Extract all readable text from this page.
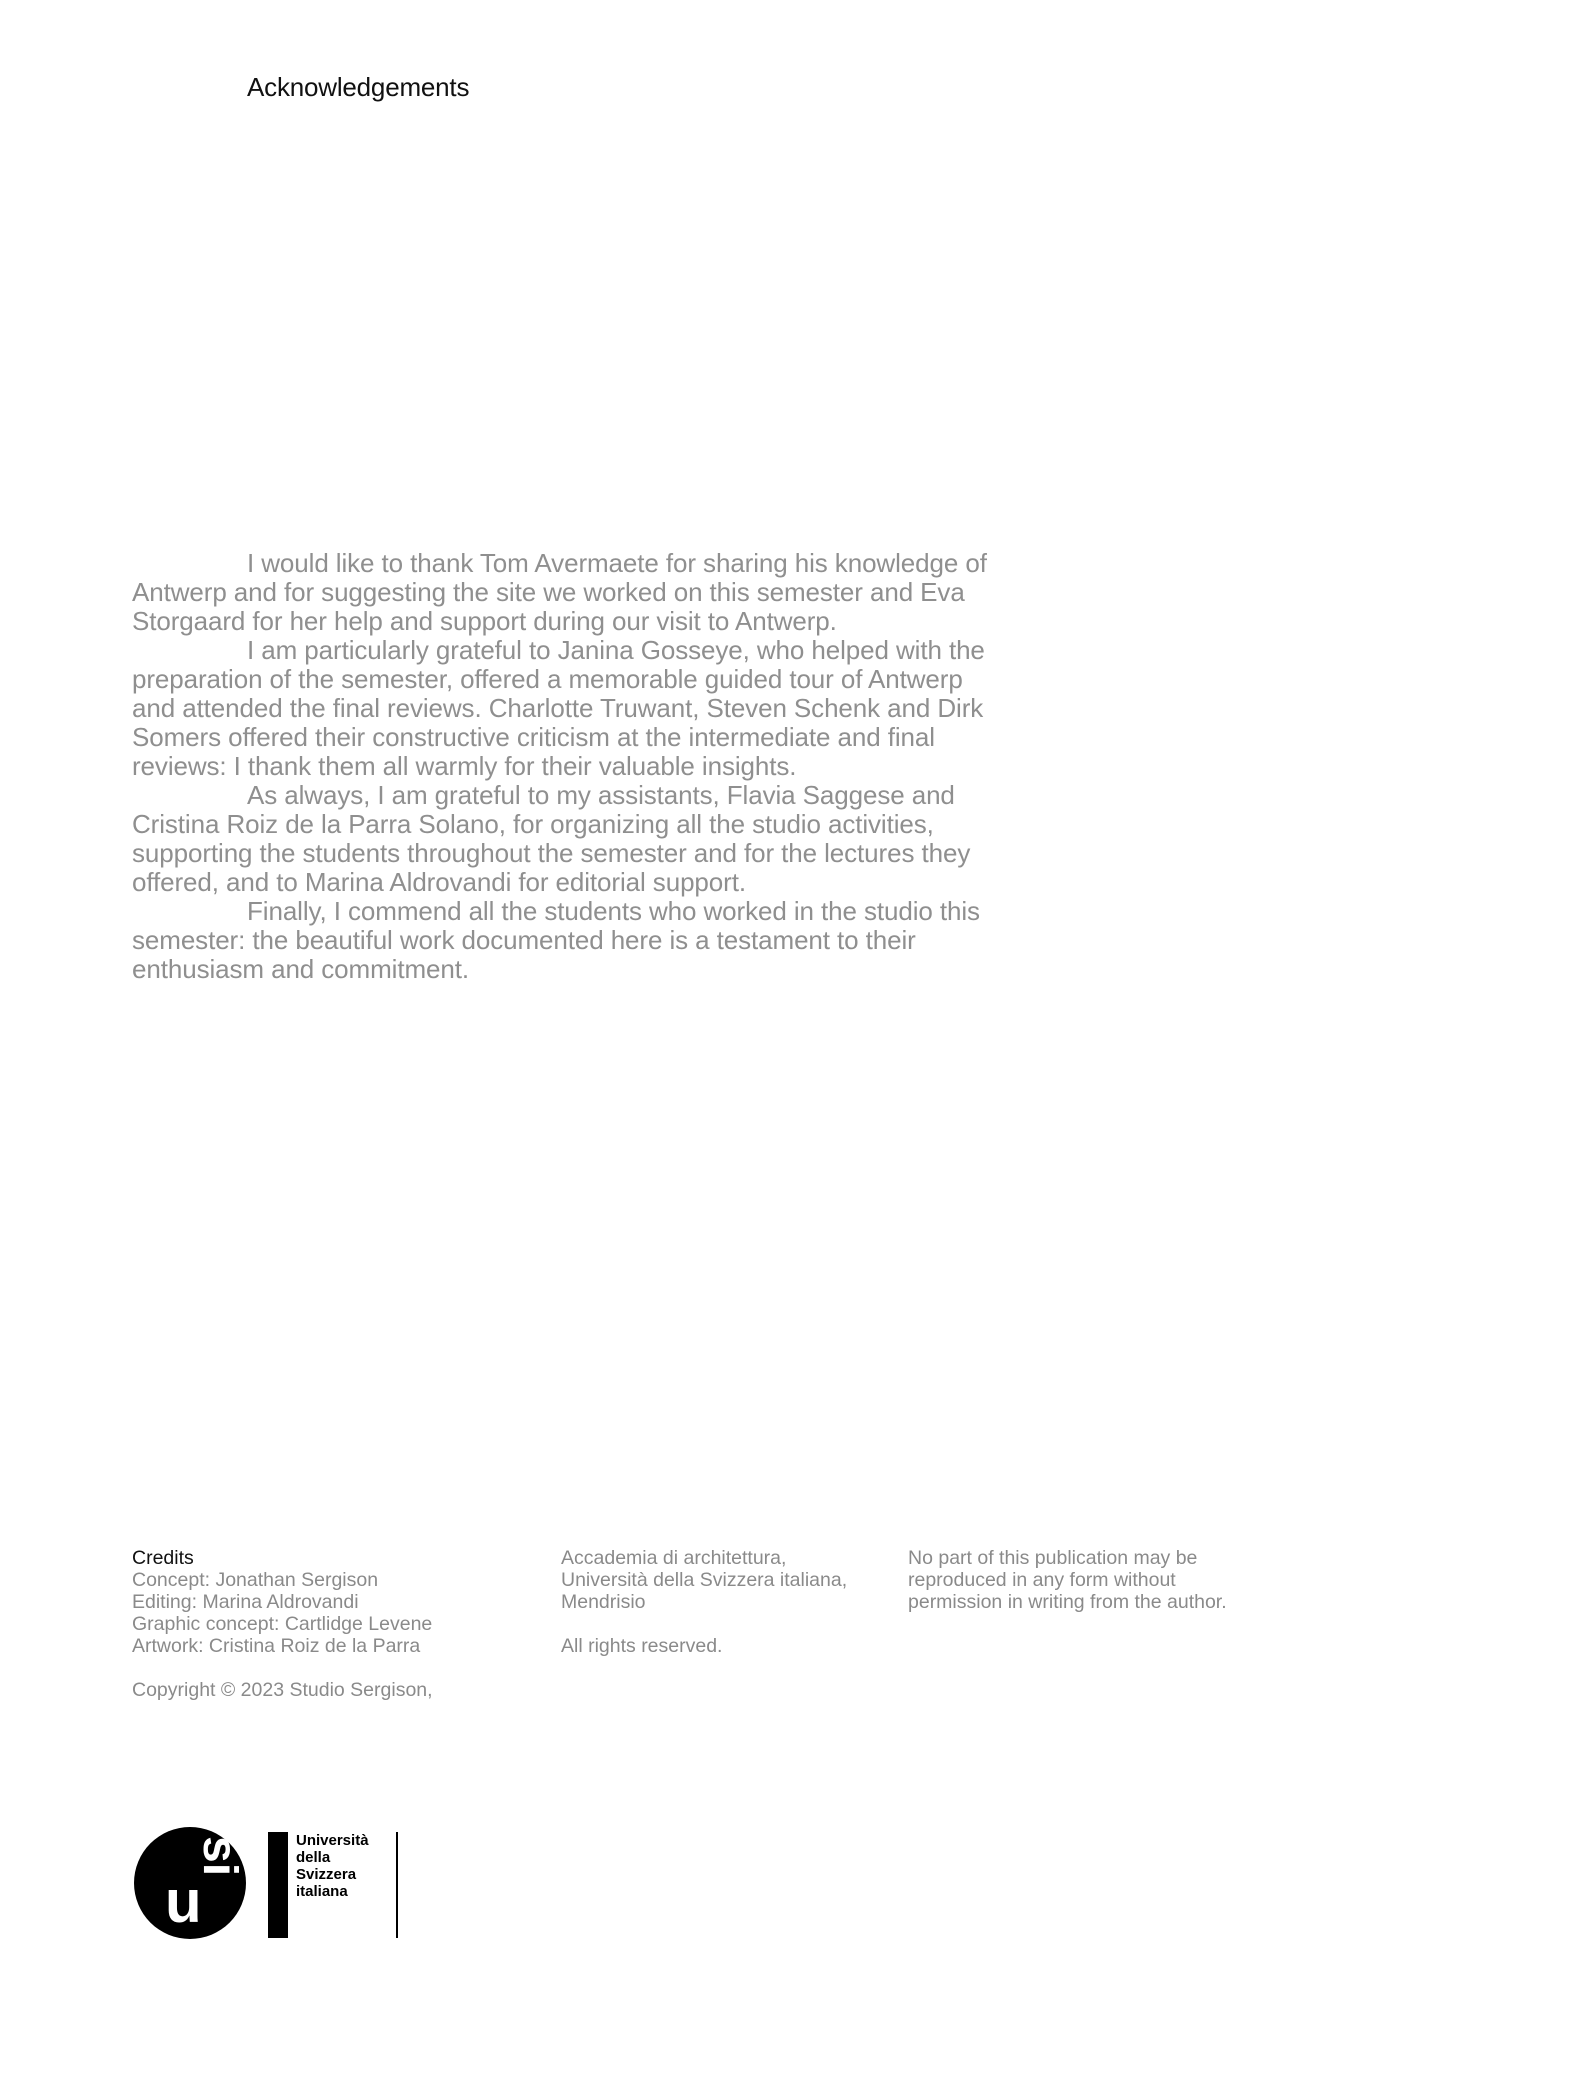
Acknowledgements

I would like to thank Tom Avermaete for sharing his knowledge of Antwerp and for suggesting the site we worked on this semester and Eva Storgaard for her help and support during our visit to Antwerp.

I am particularly grateful to Janina Gosseye, who helped with the preparation of the semester, offered a memorable guided tour of Antwerp and attended the final reviews. Charlotte Truwant, Steven Schenk and Dirk Somers offered their constructive criticism at the intermediate and final reviews: I thank them all warmly for their valuable insights.

As always, I am grateful to my assistants, Flavia Saggese and Cristina Roiz de la Parra Solano, for organizing all the studio activities, supporting the students throughout the semester and for the lectures they offered, and to Marina Aldrovandi for editorial support.

Finally, I commend all the students who worked in the studio this semester: the beautiful work documented here is a testament to their enthusiasm and commitment.

Credits
Concept: Jonathan Sergison
Editing: Marina Aldrovandi
Graphic concept: Cartlidge Levene
Artwork: Cristina Roiz de la Parra
Copyright © 2023 Studio Sergison,
Accademia di architettura,
Università della Svizzera italiana,
Mendrisio
All rights reserved.
No part of this publication may be
reproduced in any form without
permission in writing from the author.
u
si	Università
della
Svizzera
italiana
